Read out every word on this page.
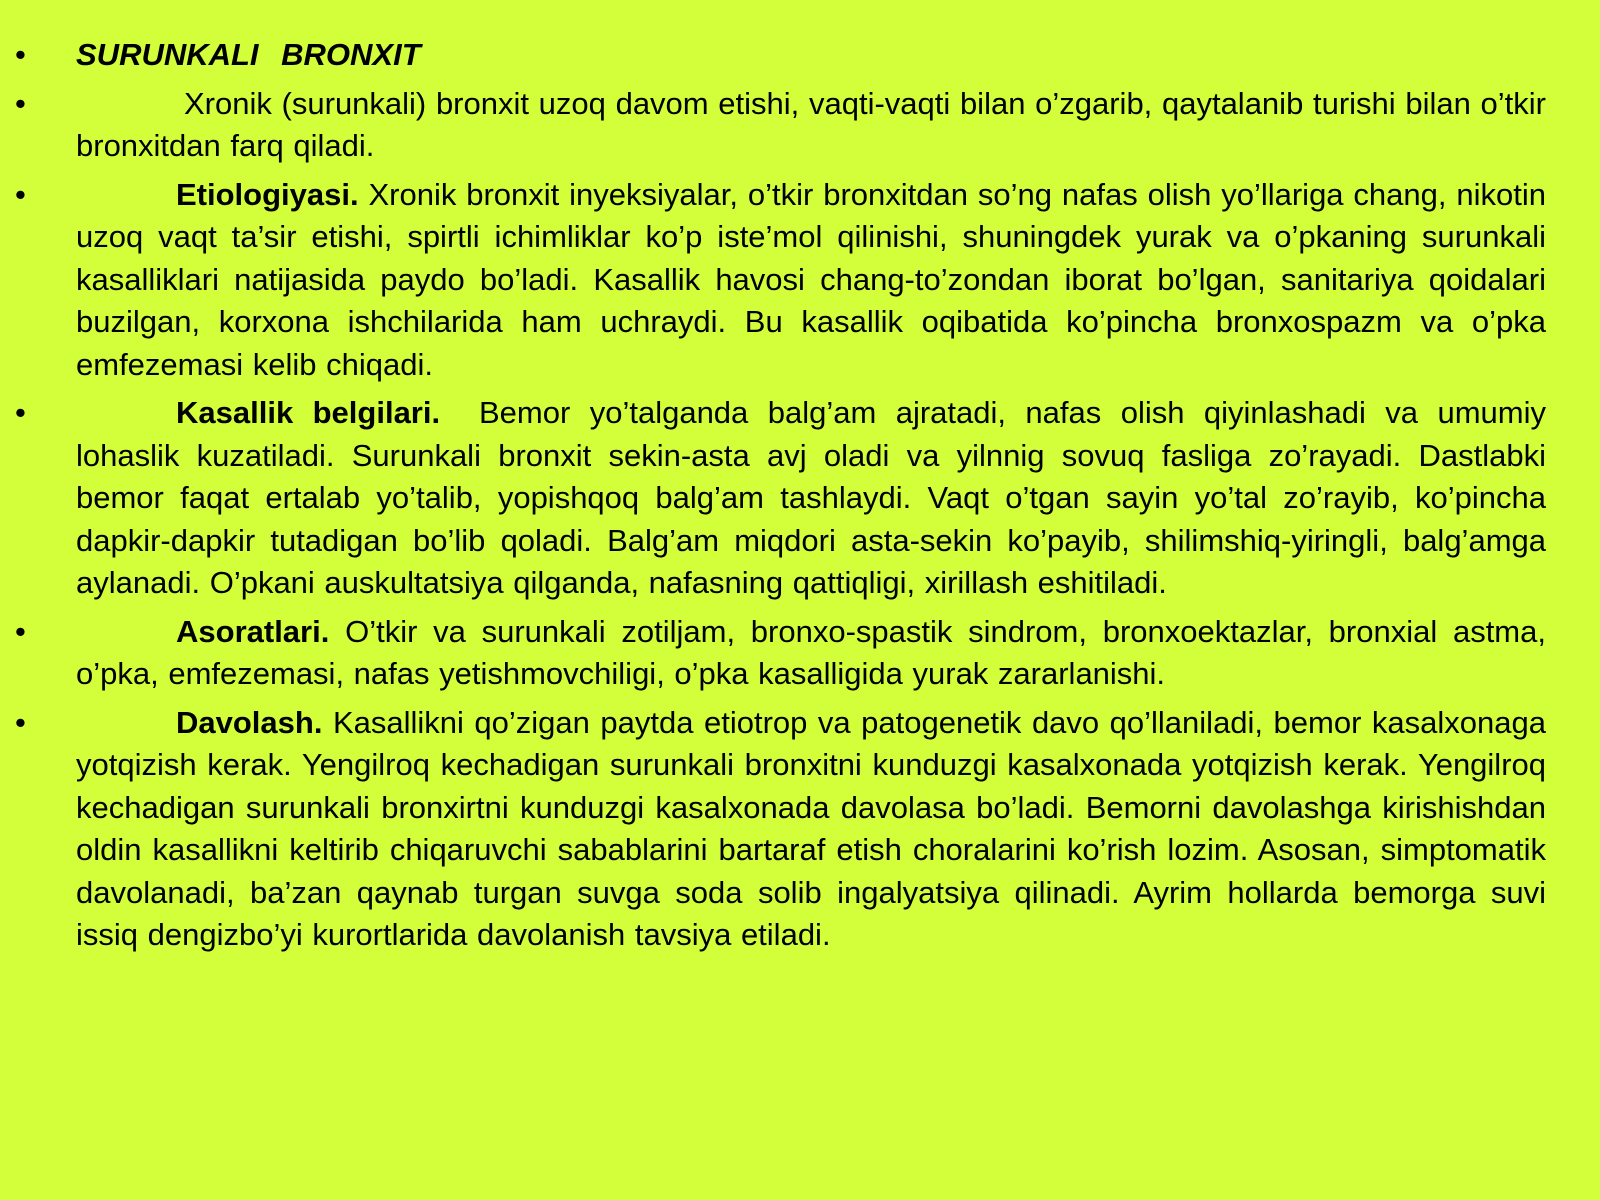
• SURUNKALI BRONXIT

•	Xronik (surunkali) bronxit uzoq davom etishi, vaqti-vaqti bilan o’zgarib, qaytalanib turishi bilan o’tkir bronxitdan farq qiladi.

•	Etiologiyasi. Xronik bronxit inyeksiyalar, o’tkir bronxitdan so’ng nafas olish yo’llariga chang, nikotin uzoq vaqt ta’sir etishi, spirtli ichimliklar ko’p iste’mol qilinishi, shuningdek yurak va o’pkaning surunkali kasalliklari natijasida paydo bo’ladi. Kasallik havosi chang-to’zondan iborat bo’lgan, sanitariya qoidalari buzilgan, korxona ishchilarida ham uchraydi. Bu kasallik oqibatida ko’pincha bronxospazm va o’pka emfezemasi kelib chiqadi.

•	Kasallik belgilari. Bemor yo’talganda balg’am ajratadi, nafas olish qiyinlashadi va umumiy lohaslik kuzatiladi. Surunkali bronxit sekin-asta avj oladi va yilnnig sovuq fasliga zo’rayadi. Dastlabki bemor faqat ertalab yo’talib, yopishqoq balg’am tashlaydi. Vaqt o’tgan sayin yo’tal zo’rayib, ko’pincha dapkir-dapkir tutadigan bo’lib qoladi. Balg’am miqdori asta-sekin ko’payib, shilimshiq-yiringli, balg’amga aylanadi. O’pkani auskultatsiya qilganda, nafasning qattiqligi, xirillash eshitiladi.

•	Asoratlari. O’tkir va surunkali zotiljam, bronxo-spastik sindrom, bronxoektazlar, bronxial astma, o’pka, emfezemasi, nafas yetishmovchiligi, o’pka kasalligida yurak zararlanishi.

•	Davolash. Kasallikni qo’zigan paytda etiotrop va patogenetik davo qo’llaniladi, bemor kasalxonaga yotqizish kerak. Yengilroq kechadigan surunkali bronxitni kunduzgi kasalxonada yotqizish kerak. Yengilroq kechadigan surunkali bronxirtni kunduzgi kasalxonada davolasa bo’ladi. Bemorni davolashga kirishishdan oldin kasallikni keltirib chiqaruvchi sabablarini bartaraf etish choralarini ko’rish lozim. Asosan, simptomatik davolanadi, ba’zan qaynab turgan suvga soda solib ingalyatsiya qilinadi. Ayrim hollarda bemorga suvi issiq dengizbo’yi kurortlarida davolanish tavsiya etiladi.
